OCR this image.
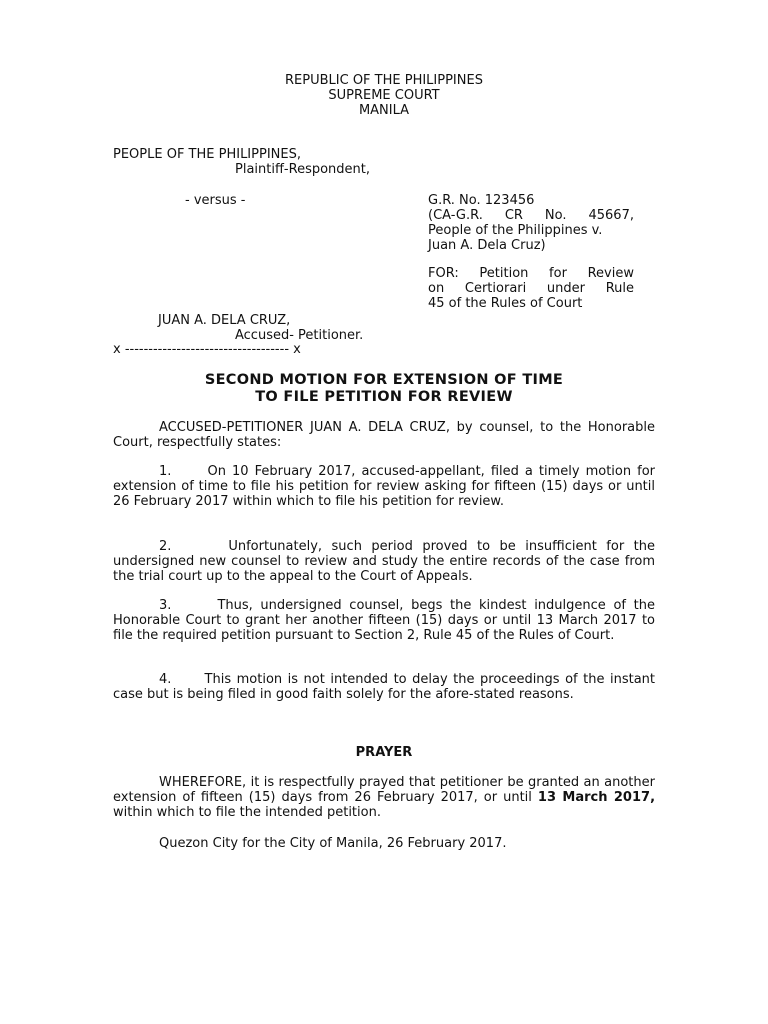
REPUBLIC OF THE PHILIPPINES
SUPREME COURT
MANILA
PEOPLE OF THE PHILIPPINES,
Plaintiff-Respondent,
- versus -
JUAN A. DELA CRUZ,
Accused- Petitioner.
x ----------------------------------- x
G.R. No. 123456
(CA-G.R. CR No. 45667,
People of the Philippines v.
Juan A. Dela Cruz)
FOR: Petition for Review
on Certiorari under Rule
45 of the Rules of Court
SECOND MOTION FOR EXTENSION OF TIME
TO FILE PETITION FOR REVIEW
ACCUSED-PETITIONER JUAN A. DELA CRUZ, by counsel, to the Honorable Court, respectfully states:
1.	On 10 February 2017, accused-appellant, filed a timely motion for extension of time to file his petition for review asking for fifteen (15) days or until 26 February 2017 within which to file his petition for review.
2.	Unfortunately, such period proved to be insufficient for the undersigned new counsel to review and study the entire records of the case from the trial court up to the appeal to the Court of Appeals.
3.	Thus, undersigned counsel, begs the kindest indulgence of the Honorable Court to grant her another fifteen (15) days or until 13 March 2017 to file the required petition pursuant to Section 2, Rule 45 of the Rules of Court.
4.	This motion is not intended to delay the proceedings of the instant case but is being filed in good faith solely for the afore-stated reasons.
PRAYER
WHEREFORE, it is respectfully prayed that petitioner be granted an another extension of fifteen (15) days from 26 February 2017, or until 13 March 2017, within which to file the intended petition.
Quezon City for the City of Manila, 26 February 2017.
